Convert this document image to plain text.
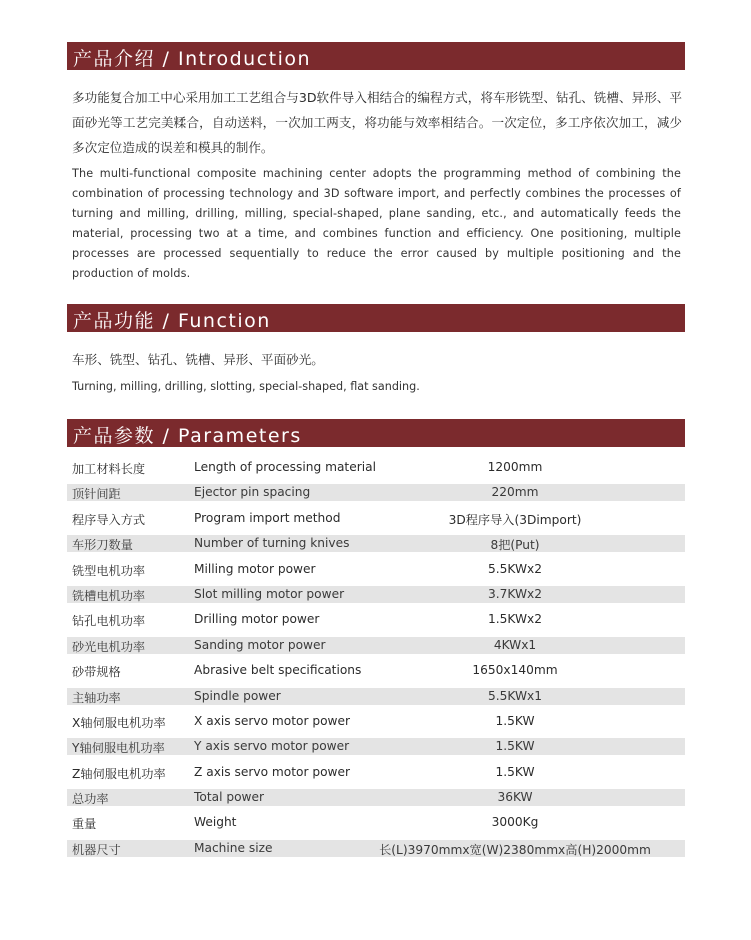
产品介绍 / Introduction

多功能复合加工中心采用加工工艺组合与3D软件导入相结合的编程方式，将车形铣型、钻孔、铣槽、异形、平面砂光等工艺完美糅合，自动送料，一次加工两支，将功能与效率相结合。一次定位，多工序依次加工，减少多次定位造成的误差和模具的制作。

The multi-functional composite machining center adopts the programming method of combining the combination of processing technology and 3D software import, and perfectly combines the processes of turning and milling, drilling, milling, special-shaped, plane sanding, etc., and automatically feeds the material, processing two at a time, and combines function and efficiency. One positioning, multiple processes are processed sequentially to reduce the error caused by multiple positioning and the production of molds.

产品功能 / Function

车形、铣型、钻孔、铣槽、异形、平面砂光。

Turning, milling, drilling, slotting, special-shaped, flat sanding.

产品参数 / Parameters
加工材料长度	Length of processing material	1200mm
顶针间距	Ejector pin spacing	220mm
程序导入方式	Program import method	3D程序导入(3Dimport)
车形刀数量	Number of turning knives	8把(Put)
铣型电机功率	Milling motor power	5.5KWx2
铣槽电机功率	Slot milling motor power	3.7KWx2
钻孔电机功率	Drilling motor power	1.5KWx2
砂光电机功率	Sanding motor power	4KWx1
砂带规格	Abrasive belt specifications	1650x140mm
主轴功率	Spindle power	5.5KWx1
X轴伺服电机功率 X axis servo motor power	1.5KW
Y轴伺服电机功率 Y axis servo motor power	1.5KW
Z轴伺服电机功率 Z axis servo motor power	1.5KW
总功率	Total power	36KW
重量	Weight	3000Kg
机器尺寸	Machine size	长(L)3970mmx宽(W)2380mmx高(H)2000mm
